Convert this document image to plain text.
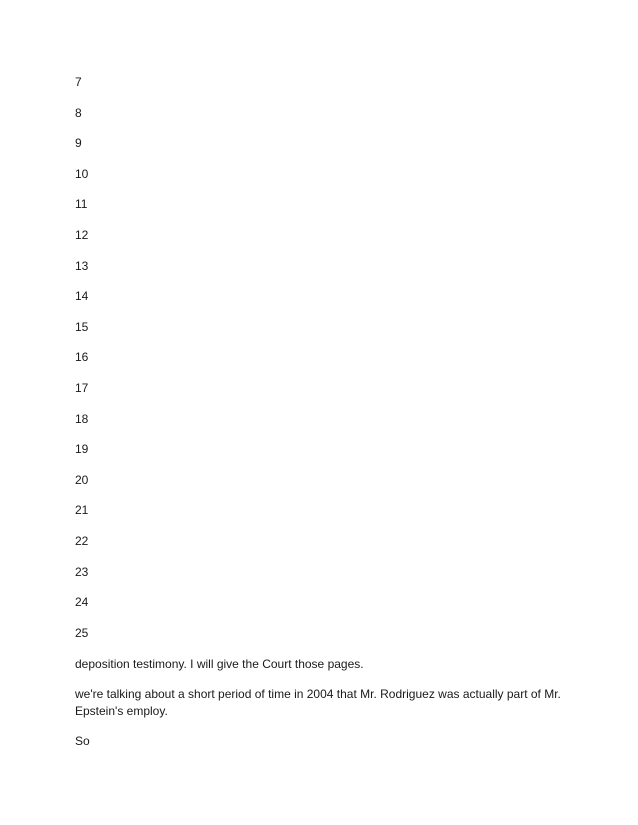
7
8
9
10
11
12
13
14
15
16
17
18
19
20
21
22
23
24
25

deposition testimony. I will give the Court those pages.

we're talking about a short period of time in 2004 that Mr. Rodriguez was actually part of Mr. Epstein's employ.

So
